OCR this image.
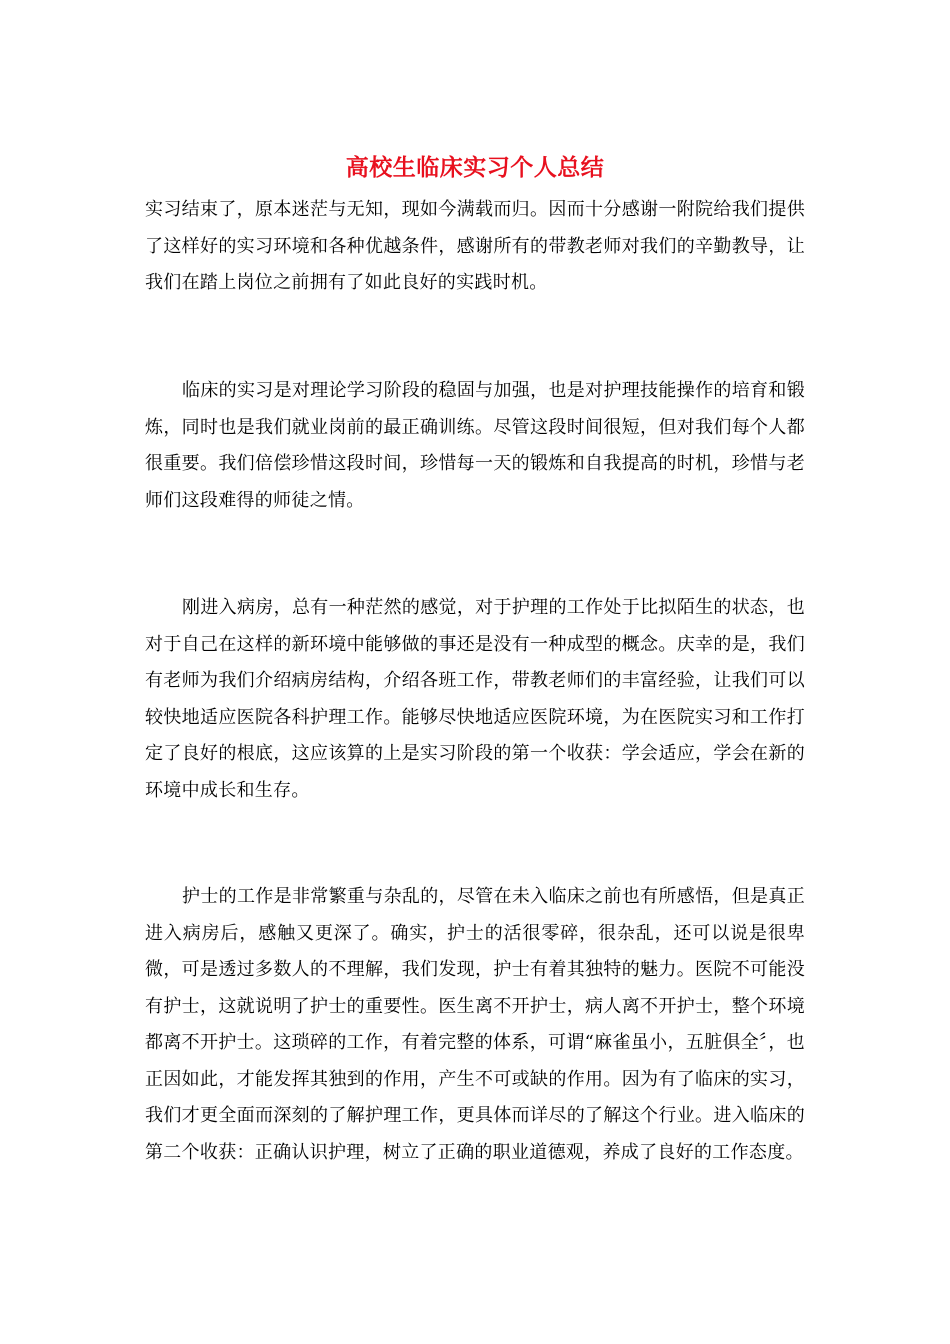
高校生临床实习个人总结

实习结束了，原本迷茫与无知，现如今满载而归。因而十分感谢一附院给我们提供了这样好的实习环境和各种优越条件，感谢所有的带教老师对我们的辛勤教导，让我们在踏上岗位之前拥有了如此良好的实践时机。

临床的实习是对理论学习阶段的稳固与加强，也是对护理技能操作的培育和锻炼，同时也是我们就业岗前的最正确训练。尽管这段时间很短，但对我们每个人都很重要。我们倍偿珍惜这段时间，珍惜每一天的锻炼和自我提高的时机，珍惜与老师们这段难得的师徒之情。

刚进入病房，总有一种茫然的感觉，对于护理的工作处于比拟陌生的状态，也对于自己在这样的新环境中能够做的事还是没有一种成型的概念。庆幸的是，我们有老师为我们介绍病房结构，介绍各班工作，带教老师们的丰富经验，让我们可以较快地适应医院各科护理工作。能够尽快地适应医院环境，为在医院实习和工作打定了良好的根底，这应该算的上是实习阶段的第一个收获：学会适应，学会在新的环境中成长和生存。

护士的工作是非常繁重与杂乱的，尽管在未入临床之前也有所感悟，但是真正进入病房后，感触又更深了。确实，护士的活很零碎，很杂乱，还可以说是很卑微，可是透过多数人的不理解，我们发现，护士有着其独特的魅力。医院不可能没有护士，这就说明了护士的重要性。医生离不开护士，病人离不开护士，整个环境都离不开护士。这琐碎的工作，有着完整的体系，可谓“麻雀虽小，五脏俱全〞，也正因如此，才能发挥其独到的作用，产生不可或缺的作用。因为有了临床的实习，我们才更全面而深刻的了解护理工作，更具体而详尽的了解这个行业。进入临床的第二个收获：正确认识护理，树立了正确的职业道德观，养成了良好的工作态度。
